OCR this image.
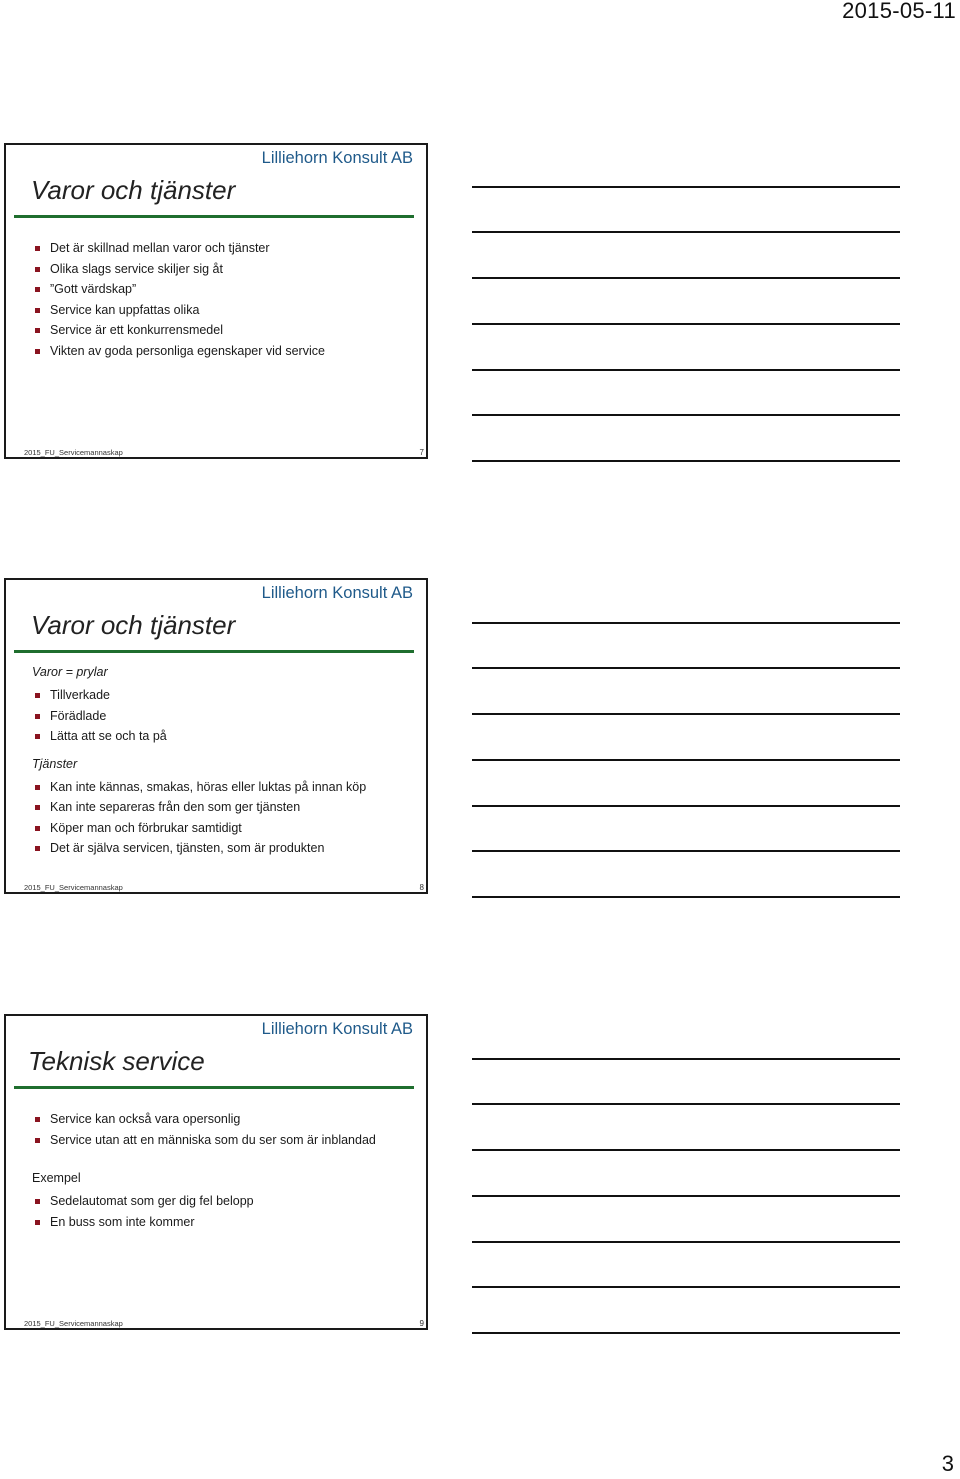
2015-05-11
Lilliehorn Konsult AB
Varor och tjänster
Det är skillnad mellan varor och tjänster
Olika slags service skiljer sig åt
”Gott värdskap”
Service kan uppfattas olika
Service är ett konkurrensmedel
Vikten av goda personliga egenskaper vid service
2015_FU_Servicemannaskap	7
Lilliehorn Konsult AB
Varor och tjänster
Varor = prylar
Tillverkade
Förädlade
Lätta att se och ta på
Tjänster
Kan inte kännas, smakas, höras eller luktas på innan köp
Kan inte separeras från den som ger tjänsten
Köper man och förbrukar samtidigt
Det är själva servicen, tjänsten, som är produkten
2015_FU_Servicemannaskap	8
Lilliehorn Konsult AB
Teknisk service
Service kan också vara opersonlig
Service utan att en människa som du ser som är inblandad
Exempel
Sedelautomat som ger dig fel belopp
En buss som inte kommer
2015_FU_Servicemannaskap	9
3
